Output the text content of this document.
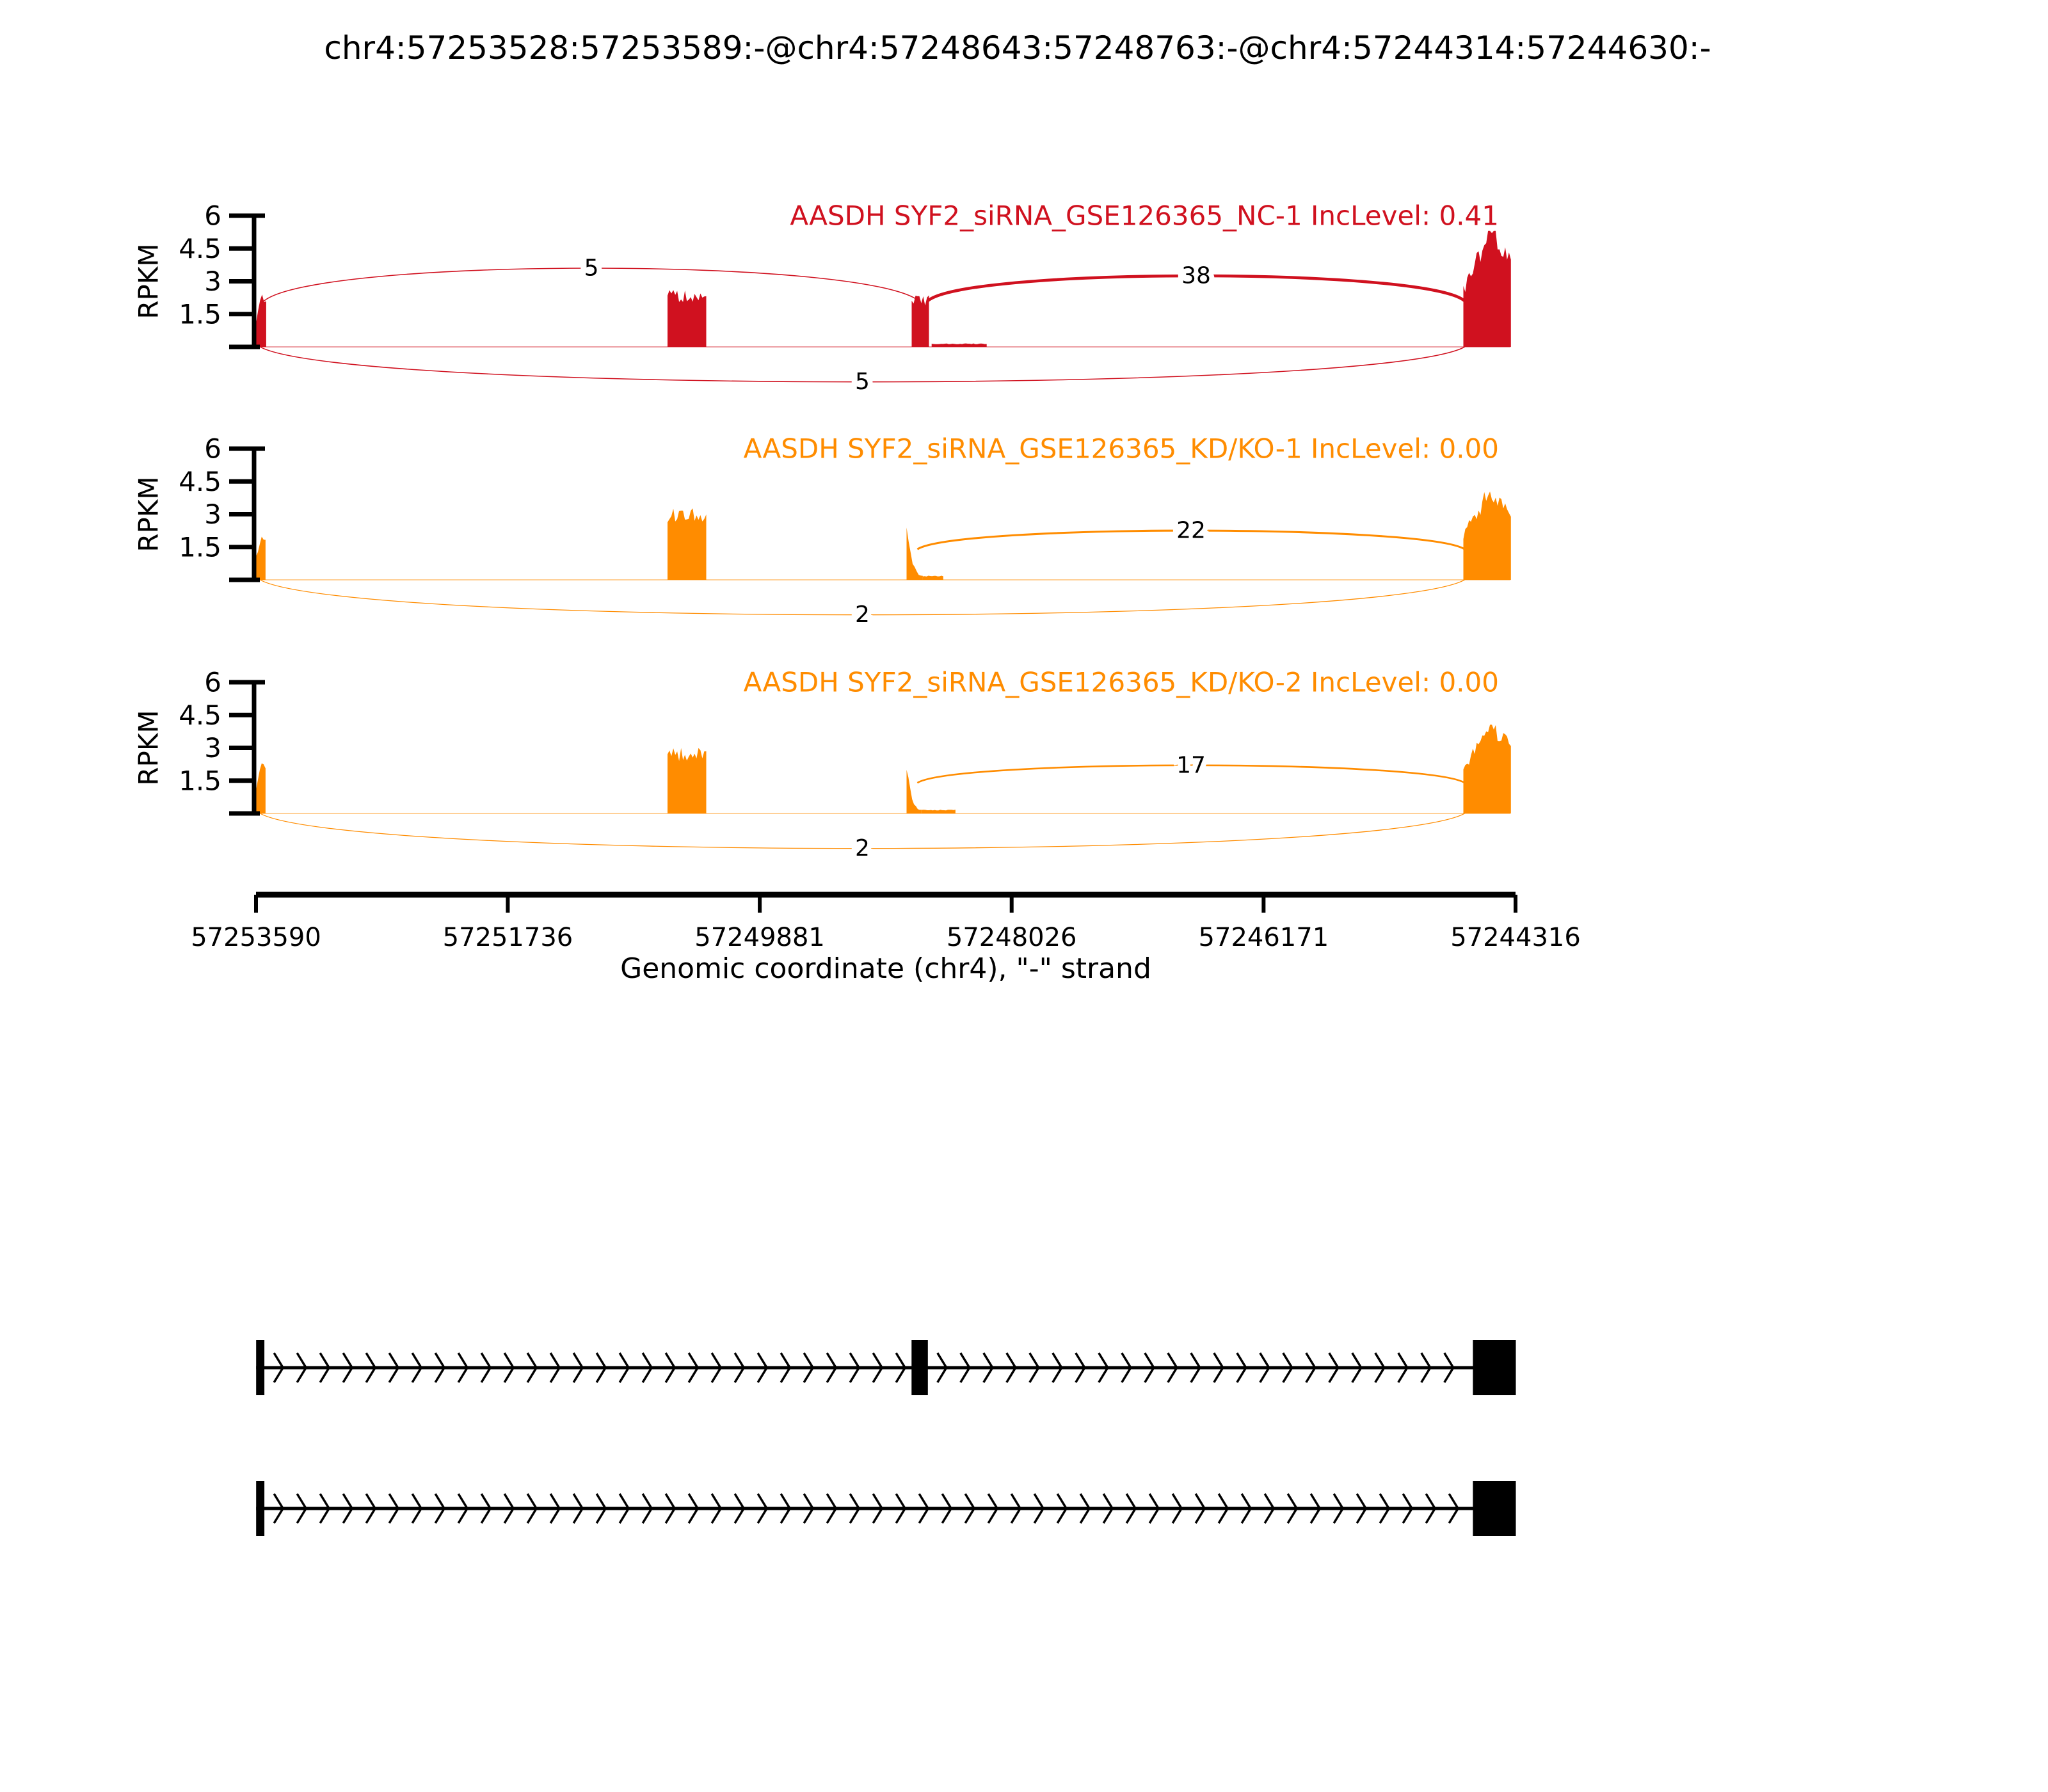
chr4:57253528:57253589:-@chr4:57248643:57248763:-@chr4:57244314:57244630:-
5	38
5
1.5
3
4.5
6
RPKM
AASDH SYF2_siRNA_GSE126365_NC-1 IncLevel: 0.41
22
2
1.5
3
4.5
6
RPKM
AASDH SYF2_siRNA_GSE126365_KD/KO-1 IncLevel: 0.00
17
2
1.5
3
4.5
6
RPKM
AASDH SYF2_siRNA_GSE126365_KD/KO-2 IncLevel: 0.00
57253590	57251736	57249881	57248026	57246171	57244316
Genomic coordinate (chr4), "-" strand
